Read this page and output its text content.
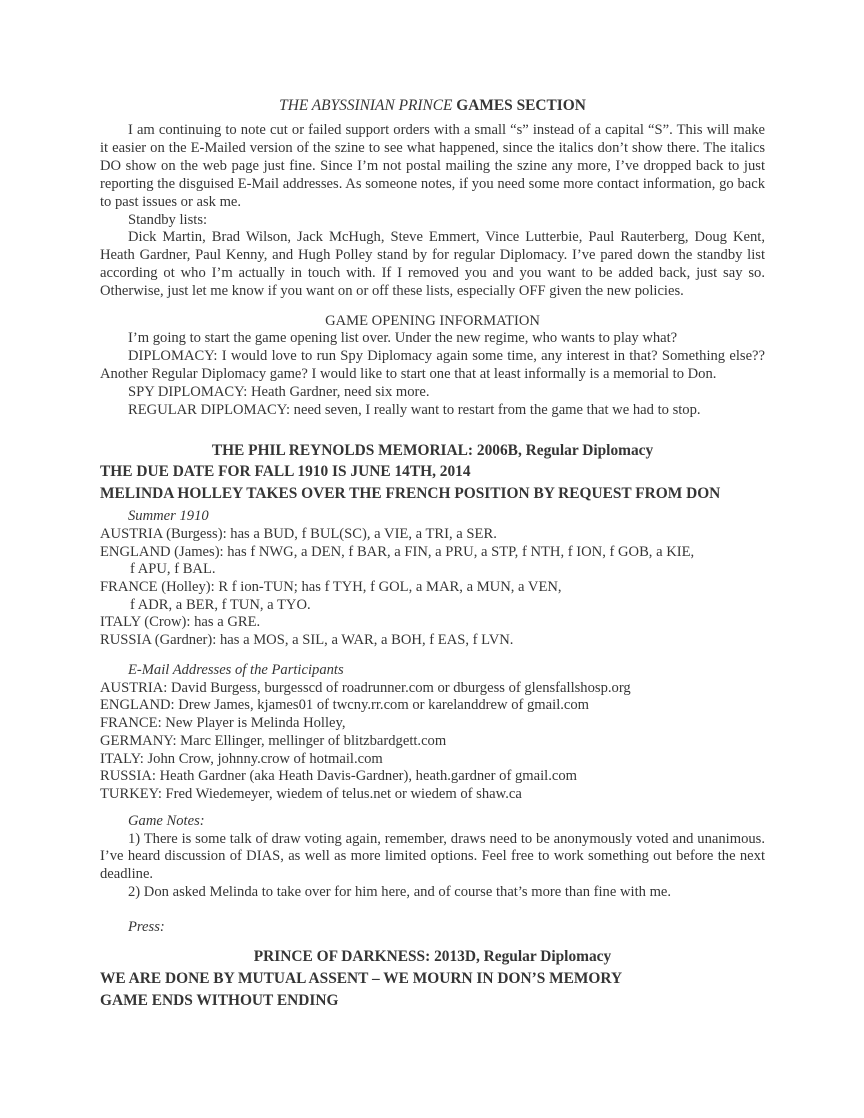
THE ABYSSINIAN PRINCE GAMES SECTION

I am continuing to note cut or failed support orders with a small “s” instead of a capital “S”. This will make it easier on the E-Mailed version of the szine to see what happened, since the italics don’t show there. The italics DO show on the web page just fine. Since I’m not postal mailing the szine any more, I’ve dropped back to just reporting the disguised E-Mail addresses. As someone notes, if you need some more contact information, go back to past issues or ask me.

Standby lists:

Dick Martin, Brad Wilson, Jack McHugh, Steve Emmert, Vince Lutterbie, Paul Rauterberg, Doug Kent, Heath Gardner, Paul Kenny, and Hugh Polley stand by for regular Diplomacy. I’ve pared down the standby list according ot who I’m actually in touch with. If I removed you and you want to be added back, just say so. Otherwise, just let me know if you want on or off these lists, especially OFF given the new policies.

GAME OPENING INFORMATION

I’m going to start the game opening list over. Under the new regime, who wants to play what?

DIPLOMACY: I would love to run Spy Diplomacy again some time, any interest in that? Something else?? Another Regular Diplomacy game? I would like to start one that at least informally is a memorial to Don.

SPY DIPLOMACY: Heath Gardner, need six more.

REGULAR DIPLOMACY: need seven, I really want to restart from the game that we had to stop.

THE PHIL REYNOLDS MEMORIAL: 2006B, Regular Diplomacy
THE DUE DATE FOR FALL 1910 IS JUNE 14TH, 2014
MELINDA HOLLEY TAKES OVER THE FRENCH POSITION BY REQUEST FROM DON
Summer 1910
AUSTRIA (Burgess): has a BUD, f BUL(SC), a VIE, a TRI, a SER.
ENGLAND (James): has f NWG, a DEN, f BAR, a FIN, a PRU, a STP, f NTH, f ION, f GOB, a KIE,
f APU, f BAL.
FRANCE (Holley): R f ion-TUN; has f TYH, f GOL, a MAR, a MUN, a VEN,
f ADR, a BER, f TUN, a TYO.
ITALY (Crow): has a GRE.
RUSSIA (Gardner): has a MOS, a SIL, a WAR, a BOH, f EAS, f LVN.
E-Mail Addresses of the Participants
AUSTRIA: David Burgess, burgesscd of roadrunner.com or dburgess of glensfallshosp.org
ENGLAND: Drew James, kjames01 of twcny.rr.com or karelanddrew of gmail.com
FRANCE: New Player is Melinda Holley,
GERMANY: Marc Ellinger, mellinger of blitzbardgett.com
ITALY: John Crow, johnny.crow of hotmail.com
RUSSIA: Heath Gardner (aka Heath Davis-Gardner), heath.gardner of gmail.com
TURKEY: Fred Wiedemeyer, wiedem of telus.net or wiedem of shaw.ca
Game Notes:

1) There is some talk of draw voting again, remember, draws need to be anonymously voted and unanimous. I’ve heard discussion of DIAS, as well as more limited options. Feel free to work something out before the next deadline.

2) Don asked Melinda to take over for him here, and of course that’s more than fine with me.

Press:
PRINCE OF DARKNESS: 2013D, Regular Diplomacy
WE ARE DONE BY MUTUAL ASSENT – WE MOURN IN DON’S MEMORY
GAME ENDS WITHOUT ENDING
